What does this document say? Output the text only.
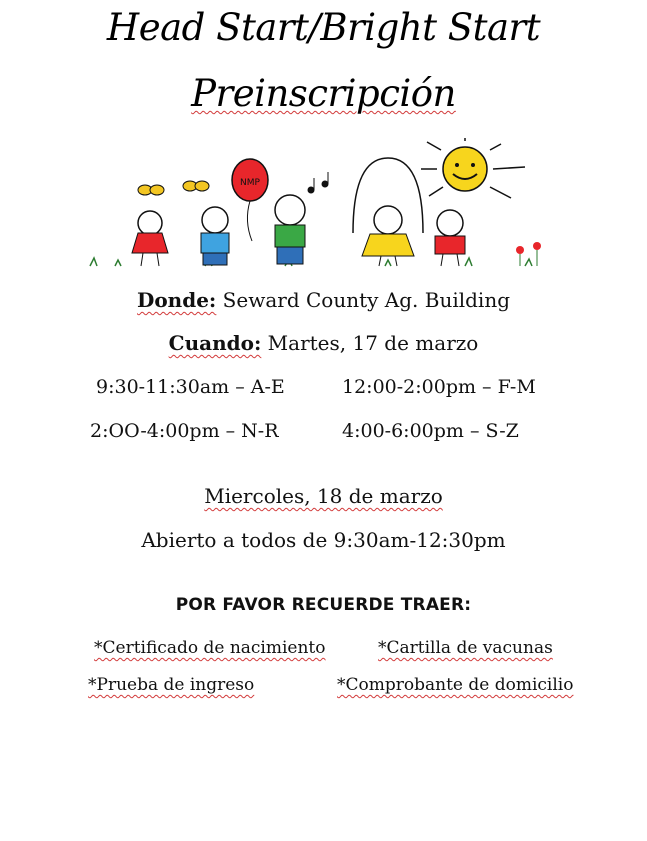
Head Start/Bright Start
Preinscripción
NMP
Donde: Seward County Ag. Building
Cuando: Martes, 17 de marzo
9:30-11:30am – A-E	12:00-2:00pm – F-M
2:OO-4:00pm – N-R	4:00-6:00pm – S-Z
Miercoles, 18 de marzo
Abierto a todos de 9:30am-12:30pm
POR FAVOR RECUERDE TRAER:
*Certificado de nacimiento	*Cartilla de vacunas
*Prueba de ingreso	*Comprobante de domicilio
